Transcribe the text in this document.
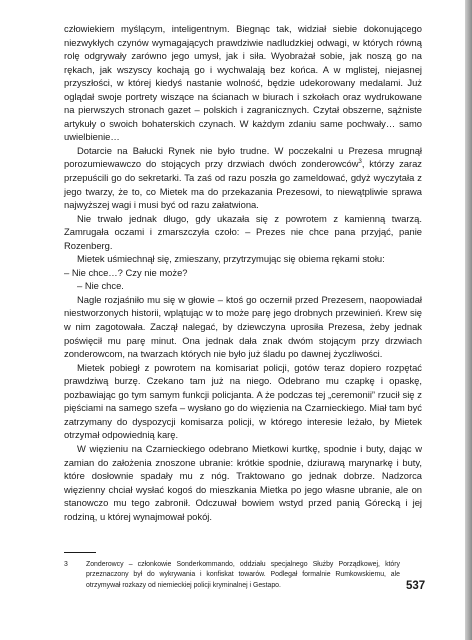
człowiekiem myślącym, inteligentnym. Biegnąc tak, widział siebie dokonującego niezwykłych czynów wymagających prawdziwie nadludzkiej odwagi, w których równą rolę odgrywały zarówno jego umysł, jak i siła. Wyobrażał sobie, jak noszą go na rękach, jak wszyscy kochają go i wychwalają bez końca. A w mglistej, niejasnej przyszłości, w której kiedyś nastanie wolność, będzie udekorowany medalami. Już oglądał swoje portrety wiszące na ścianach w biurach i szkołach oraz wydrukowane na pierwszych stronach gazet – polskich i zagranicznych. Czytał obszerne, sążniste artykuły o swoich bohaterskich czynach. W każdym zdaniu same pochwały… samo uwielbienie…

Dotarcie na Bałucki Rynek nie było trudne. W poczekalni u Prezesa mrugnął porozumiewawczo do stojących przy drzwiach dwóch zonderowców$^3$, którzy zaraz przepuścili go do sekretarki. Ta zaś od razu poszła go zameldować, gdyż wyczytała z jego twarzy, że to, co Mietek ma do przekazania Prezesowi, to niewątpliwie sprawa najwyższej wagi i musi być od razu załatwiona.

Nie trwało jednak długo, gdy ukazała się z powrotem z kamienną twarzą. Zamrugała oczami i zmarszczyła czoło: – Prezes nie chce pana przyjąć, panie Rozenberg.

Mietek uśmiechnął się, zmieszany, przytrzymując się obiema rękami stołu:

– Nie chce…? Czy nie może?

– Nie chce.

Nagle rozjaśniło mu się w głowie – ktoś go oczernił przed Prezesem, naopowiadał niestworzonych historii, wplątując w to może parę jego drobnych przewinień. Krew się w nim zagotowała. Zaczął nalegać, by dziewczyna uprosiła Prezesa, żeby jednak poświęcił mu parę minut. Ona jednak dała znak dwóm stojącym przy drzwiach zonderowcom, na twarzach których nie było już śladu po dawnej życzliwości.

Mietek pobiegł z powrotem na komisariat policji, gotów teraz dopiero rozpętać prawdziwą burzę. Czekano tam już na niego. Odebrano mu czapkę i opaskę, pozbawiając go tym samym funkcji policjanta. A że podczas tej „ceremonii” rzucił się z pięściami na samego szefa – wysłano go do więzienia na Czarnieckiego. Miał tam być zatrzymany do dyspozycji komisarza policji, w którego interesie leżało, by Mietek otrzymał odpowiednią karę.

W więzieniu na Czarnieckiego odebrano Mietkowi kurtkę, spodnie i buty, dając w zamian do założenia znoszone ubranie: krótkie spodnie, dziurawą marynarkę i buty, które dosłownie spadały mu z nóg. Traktowano go jednak dobrze. Nadzorca więzienny chciał wysłać kogoś do mieszkania Mietka po jego własne ubranie, ale on stanowczo mu tego zabronił. Odczuwał bowiem wstyd przed panią Górecką i jej rodziną, u której wynajmował pokój.

3	Zonderowcy – członkowie Sonderkommando, oddziału specjalnego Służby Porządkowej, który przeznaczony był do wykrywania i konfiskat towarów. Podlegał formalnie Rumkowskiemu, ale otrzymywał rozkazy od niemieckiej policji kryminalnej i Gestapo.	537
